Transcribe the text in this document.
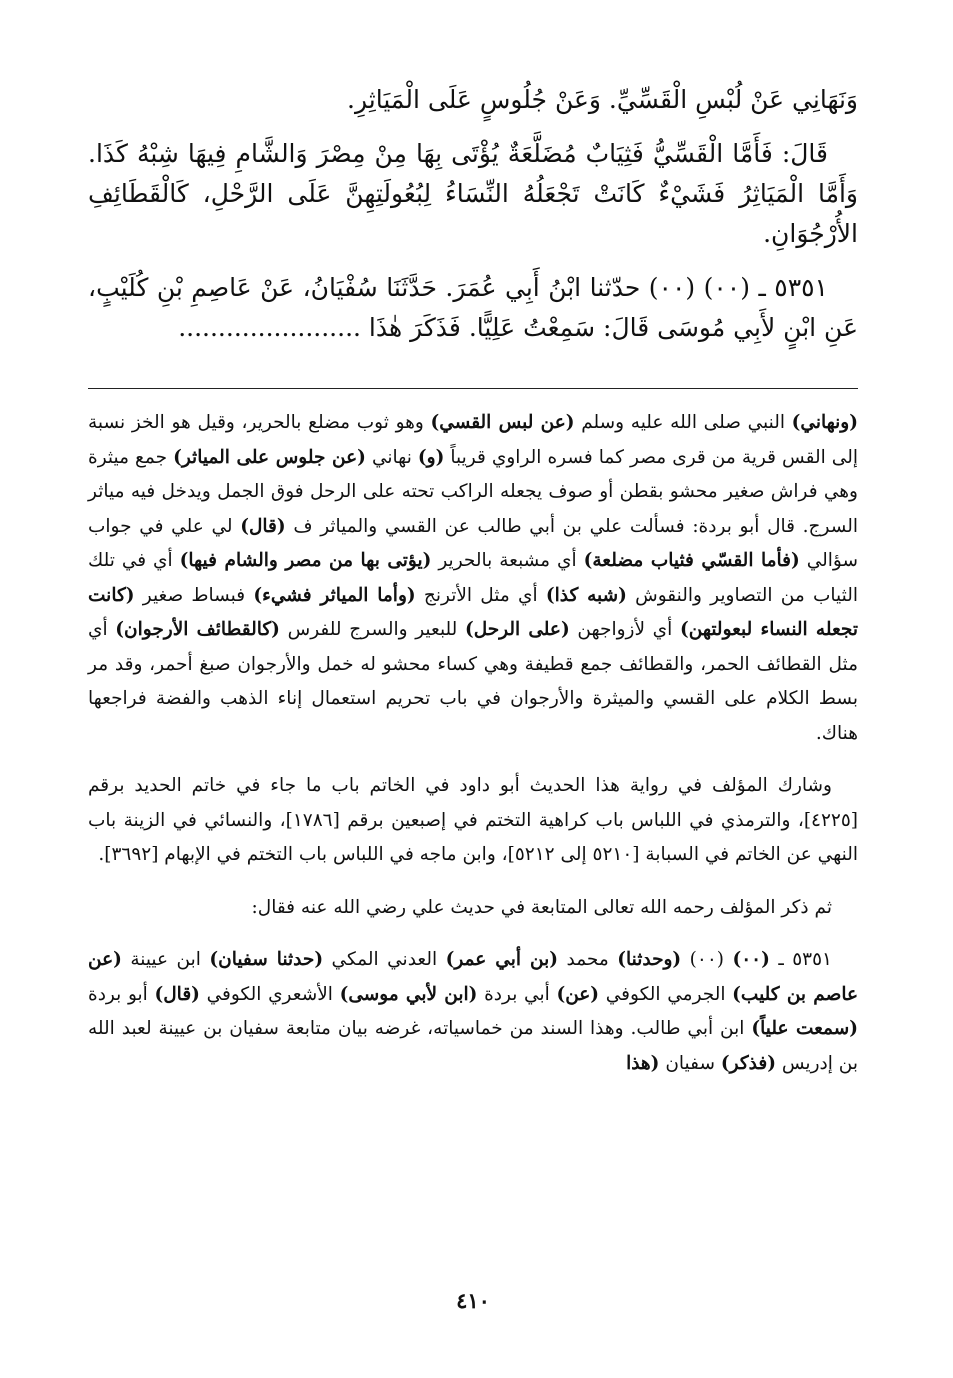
وَنَهَانِي عَنْ لُبْسِ الْقَسِّيِّ. وَعَنْ جُلُوسٍ عَلَى الْمَيَاثِرِ.

قَالَ: فَأَمَّا الْقَسِّيُّ فَثِيَابٌ مُضَلَّعَةٌ يُؤْتَى بِهَا مِنْ مِصْرَ وَالشَّامِ فِيهَا شِبْهُ كَذَا. وَأَمَّا الْمَيَاثِرُ فَشَيْءٌ كَانَتْ تَجْعَلُهُ النِّسَاءُ لِبُعُولَتِهِنَّ عَلَى الرَّحْلِ، كَالْقَطَائِفِ الأُرْجُوَانِ.

٥٣٥١ ـ (٠٠) (٠٠) حدّثنا ابْنُ أَبِي عُمَرَ. حَدَّثَنَا سُفْيَانُ، عَنْ عَاصِمِ بْنِ كُلَيْبٍ، عَنِ ابْنٍ لأَبِي مُوسَى قَالَ: سَمِعْتُ عَلِيًّا. فَذَكَرَ هٰذَا .......................

(ونهاني) النبي صلى الله عليه وسلم (عن لبس القسي) وهو ثوب مضلع بالحرير، وقيل هو الخز نسبة إلى القس قرية من قرى مصر كما فسره الراوي قريباً (و) نهاني (عن جلوس على المياثر) جمع ميثرة وهي فراش صغير محشو بقطن أو صوف يجعله الراكب تحته على الرحل فوق الجمل ويدخل فيه مياثر السرج. قال أبو بردة: فسألت علي بن أبي طالب عن القسي والمياثر ف (قال) لي علي في جواب سؤالي (فأما القسّي فثياب مضلعة) أي مشبعة بالحرير (يؤتى بها من مصر والشام فيها) أي في تلك الثياب من التصاوير والنقوش (شبه كذا) أي مثل الأترنج (وأما المياثر فشيء) فبساط صغير (كانت تجعله النساء لبعولتهن) أي لأزواجهن (على الرحل) للبعير والسرج للفرس (كالقطائف الأرجوان) أي مثل القطائف الحمر، والقطائف جمع قطيفة وهي كساء محشو له خمل والأرجوان صبغ أحمر، وقد مر بسط الكلام على القسي والميثرة والأرجوان في باب تحريم استعمال إناء الذهب والفضة فراجعها هناك.

وشارك المؤلف في رواية هذا الحديث أبو داود في الخاتم باب ما جاء في خاتم الحديد برقم [٤٢٢٥]، والترمذي في اللباس باب كراهية التختم في إصبعين برقم [١٧٨٦]، والنسائي في الزينة باب النهي عن الخاتم في السبابة [٥٢١٠ إلى ٥٢١٢]، وابن ماجه في اللباس باب التختم في الإبهام [٣٦٩٢].

ثم ذكر المؤلف رحمه الله تعالى المتابعة في حديث علي رضي الله عنه فقال:

٥٣٥١ ـ (٠٠) (٠٠) (وحدثنا) محمد (بن أبي عمر) العدني المكي (حدثنا سفيان) ابن عيينة (عن عاصم بن كليب) الجرمي الكوفي (عن) أبي بردة (ابن لأبي موسى) الأشعري الكوفي (قال) أبو بردة (سمعت علياً) ابن أبي طالب. وهذا السند من خماسياته، غرضه بيان متابعة سفيان بن عيينة لعبد الله بن إدريس (فذكر) سفيان (هذا

٤١٠
